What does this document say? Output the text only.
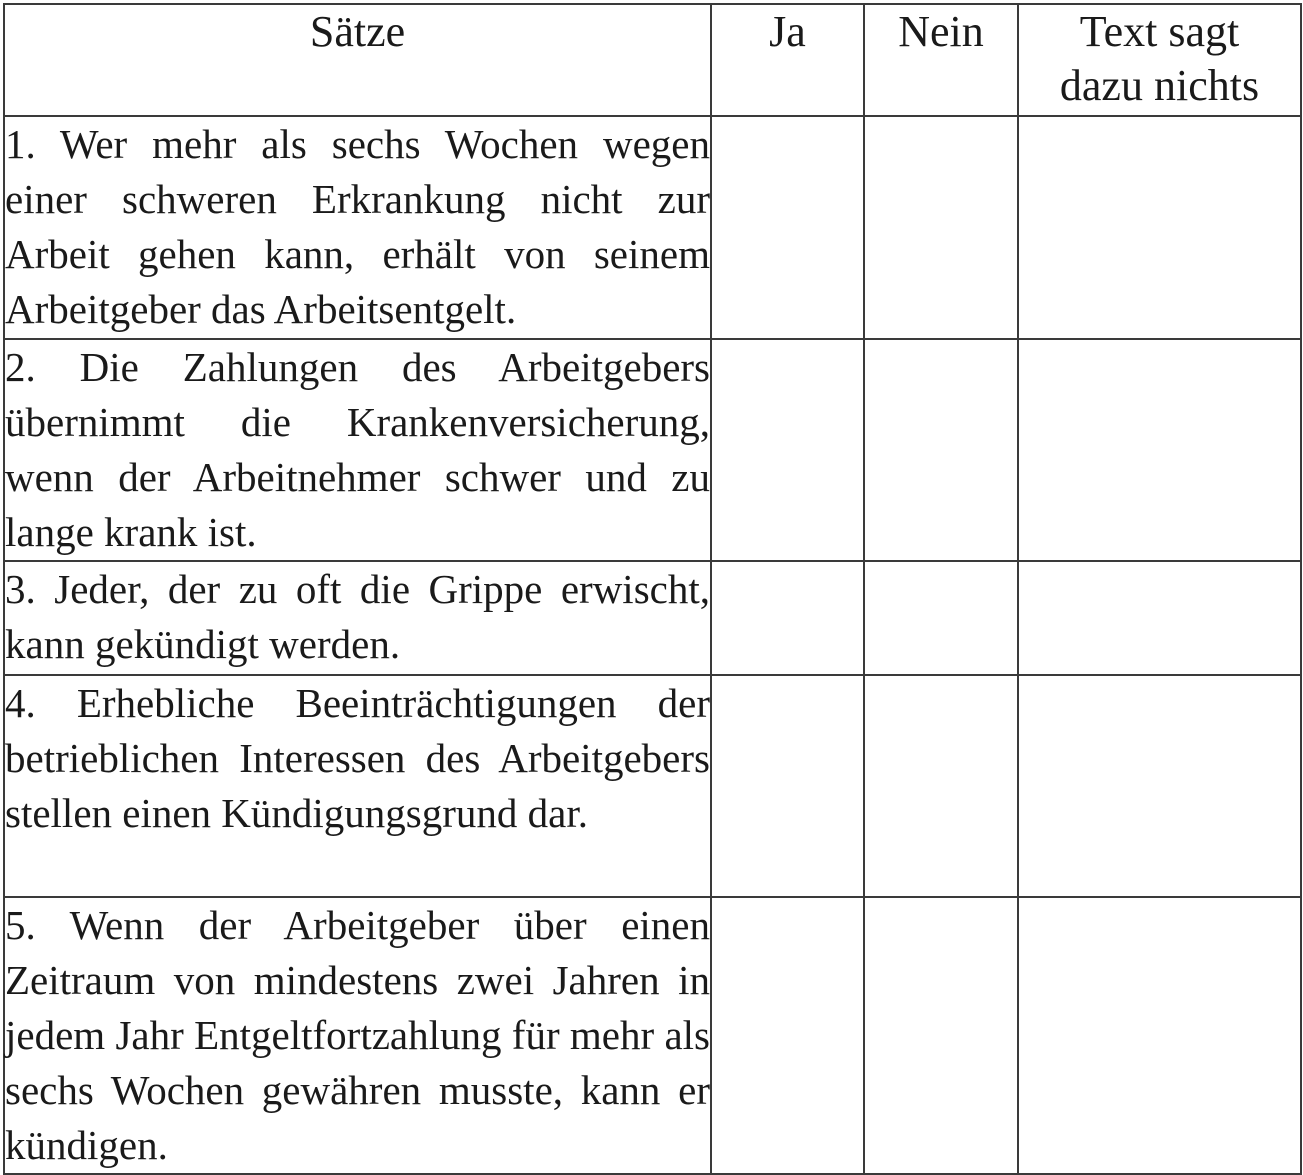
Sätze	Ja	Nein	Text sagt
dazu nichts
1. Wer mehr als sechs Wochen wegen einer schweren Erkrankung nicht zur Arbeit gehen kann, erhält von seinem Arbeitgeber das Arbeitsentgelt.			
2. Die Zahlungen des Arbeitgebers übernimmt die Krankenversicherung, wenn der Arbeitnehmer schwer und zu lange krank ist.			
3. Jeder, der zu oft die Grippe erwischt, kann gekündigt werden.			
4. Erhebliche Beeinträchtigungen der betrieblichen Interessen des Arbeitgebers stellen einen Kündigungsgrund dar.			
5. Wenn der Arbeitgeber über einen Zeitraum von mindestens zwei Jahren in jedem Jahr Entgeltfortzahlung für mehr als sechs Wochen gewähren musste, kann er kündigen.			
